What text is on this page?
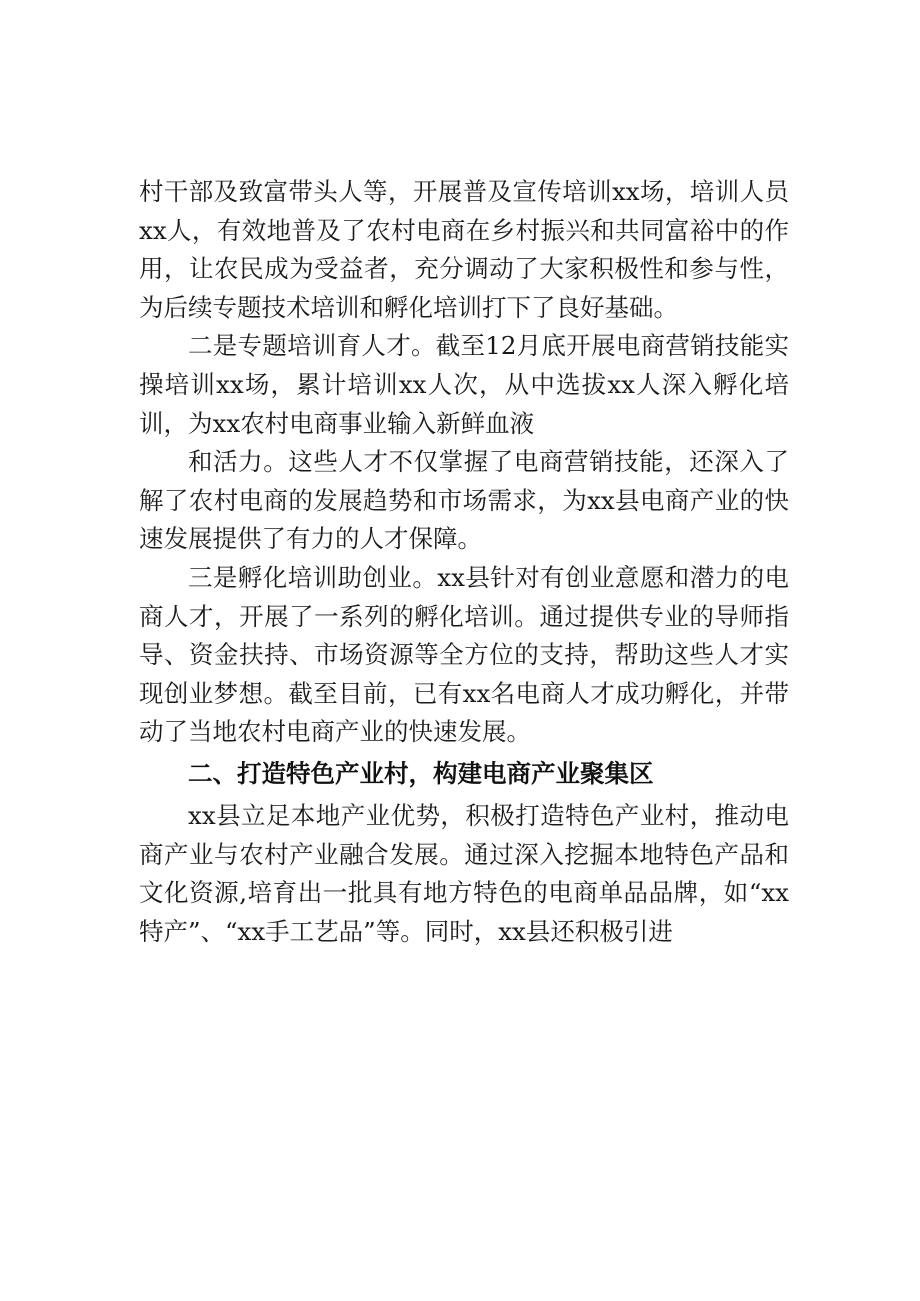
村干部及致富带头人等，开展普及宣传培训xx场，培训人员xx人，有效地普及了农村电商在乡村振兴和共同富裕中的作用，让农民成为受益者，充分调动了大家积极性和参与性，为后续专题技术培训和孵化培训打下了良好基础。

二是专题培训育人才。截至12月底开展电商营销技能实操培训xx场，累计培训xx人次，从中选拔xx人深入孵化培训，为xx农村电商事业输入新鲜血液

和活力。这些人才不仅掌握了电商营销技能，还深入了解了农村电商的发展趋势和市场需求，为xx县电商产业的快速发展提供了有力的人才保障。

三是孵化培训助创业。xx县针对有创业意愿和潜力的电商人才，开展了一系列的孵化培训。通过提供专业的导师指导、资金扶持、市场资源等全方位的支持，帮助这些人才实现创业梦想。截至目前，已有xx名电商人才成功孵化，并带动了当地农村电商产业的快速发展。

二、打造特色产业村，构建电商产业聚集区

xx县立足本地产业优势，积极打造特色产业村，推动电商产业与农村产业融合发展。通过深入挖掘本地特色产品和文化资源,培育出一批具有地方特色的电商单品品牌，如“xx特产”、“xx手工艺品”等。同时，xx县还积极引进
